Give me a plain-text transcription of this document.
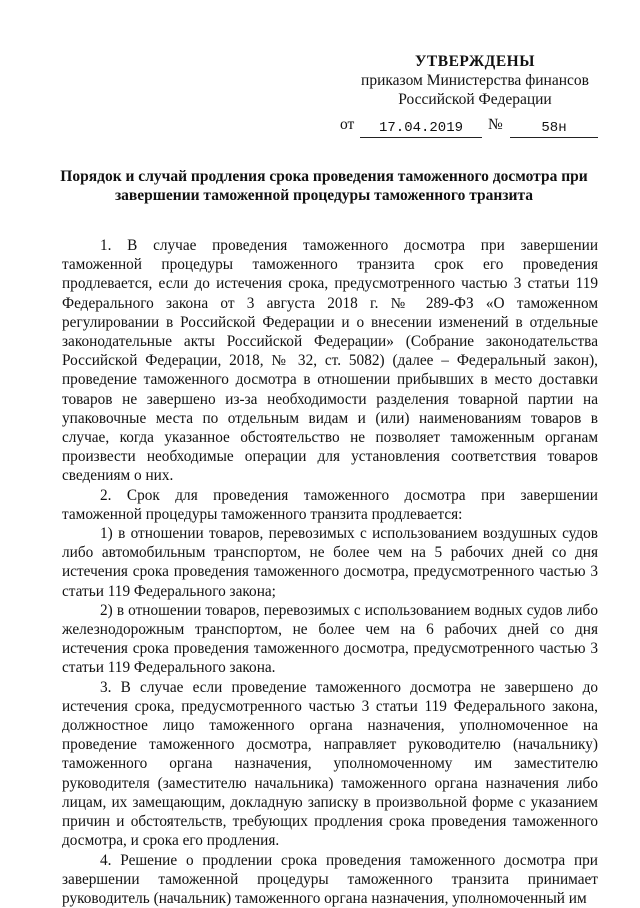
УТВЕРЖДЕНЫ
приказом Министерства финансов
Российской Федерации
от	17.04.2019	№	58н
Порядок и случай продления срока проведения таможенного досмотра при завершении таможенной процедуры таможенного транзита

1. В случае проведения таможенного досмотра при завершении таможенной процедуры таможенного транзита срок его проведения продлевается, если до истечения срока, предусмотренного частью 3 статьи 119 Федерального закона от 3 августа 2018 г. № 289-ФЗ «О таможенном регулировании в Российской Федерации и о внесении изменений в отдельные законодательные акты Российской Федерации» (Собрание законодательства Российской Федерации, 2018, № 32, ст. 5082) (далее – Федеральный закон), проведение таможенного досмотра в отношении прибывших в место доставки товаров не завершено из-за необходимости разделения товарной партии на упаковочные места по отдельным видам и (или) наименованиям товаров в случае, когда указанное обстоятельство не позволяет таможенным органам произвести необходимые операции для установления соответствия товаров сведениям о них.

2. Срок для проведения таможенного досмотра при завершении таможенной процедуры таможенного транзита продлевается:

1) в отношении товаров, перевозимых с использованием воздушных судов либо автомобильным транспортом, не более чем на 5 рабочих дней со дня истечения срока проведения таможенного досмотра, предусмотренного частью 3 статьи 119 Федерального закона;

2) в отношении товаров, перевозимых с использованием водных судов либо железнодорожным транспортом, не более чем на 6 рабочих дней со дня истечения срока проведения таможенного досмотра, предусмотренного частью 3 статьи 119 Федерального закона.

3. В случае если проведение таможенного досмотра не завершено до истечения срока, предусмотренного частью 3 статьи 119 Федерального закона, должностное лицо таможенного органа назначения, уполномоченное на проведение таможенного досмотра, направляет руководителю (начальнику) таможенного органа назначения, уполномоченному им заместителю руководителя (заместителю начальника) таможенного органа назначения либо лицам, их замещающим, докладную записку в произвольной форме с указанием причин и обстоятельств, требующих продления срока проведения таможенного досмотра, и срока его продления.

4. Решение о продлении срока проведения таможенного досмотра при завершении таможенной процедуры таможенного транзита принимает руководитель (начальник) таможенного органа назначения, уполномоченный им
